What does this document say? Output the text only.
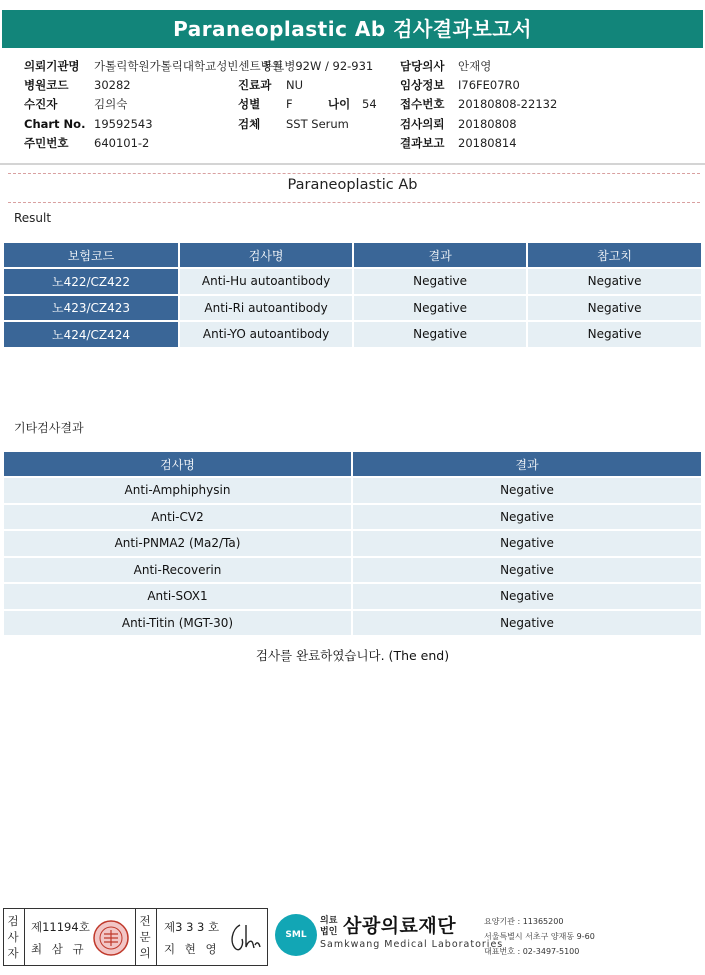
Paraneoplastic Ab 검사결과보고서
의뢰기관명	가톨릭학원가톨릭대학교성빈센트병원
병원코드	30282
수진자	김의숙
Chart No. 19592543
주민번호	640101-2
동트병92W / 92-931
진료과	NU
성별	F	나이	54
검체	SST Serum
담당의사	안재영
임상정보	I76FE07R0
접수번호	20180808-22132
검사의뢰	20180808
결과보고	20180814
Paraneoplastic Ab
Result
보험코드	검사명	결과	참고치
노422/CZ422	Anti-Hu autoantibody	Negative	Negative
노423/CZ423	Anti-Ri autoantibody	Negative	Negative
노424/CZ424	Anti-YO autoantibody	Negative	Negative
기타검사결과
검사명	결과
Anti-Amphiphysin	Negative
Anti-CV2	Negative
Anti-PNMA2 (Ma2/Ta)	Negative
Anti-Recoverin	Negative
Anti-SOX1	Negative
Anti-Titin (MGT-30)	Negative
검사를 완료하였습니다. (The end)
검사자
제11194호
최 삼 규
전문의
제3 3 3 호
지 현 영
SML
의료법인 삼광의료재단
Samkwang Medical Laboratories
요양기관 : 11365200
서울특별시 서초구 양재동 9-60
대표번호 : 02-3497-5100
